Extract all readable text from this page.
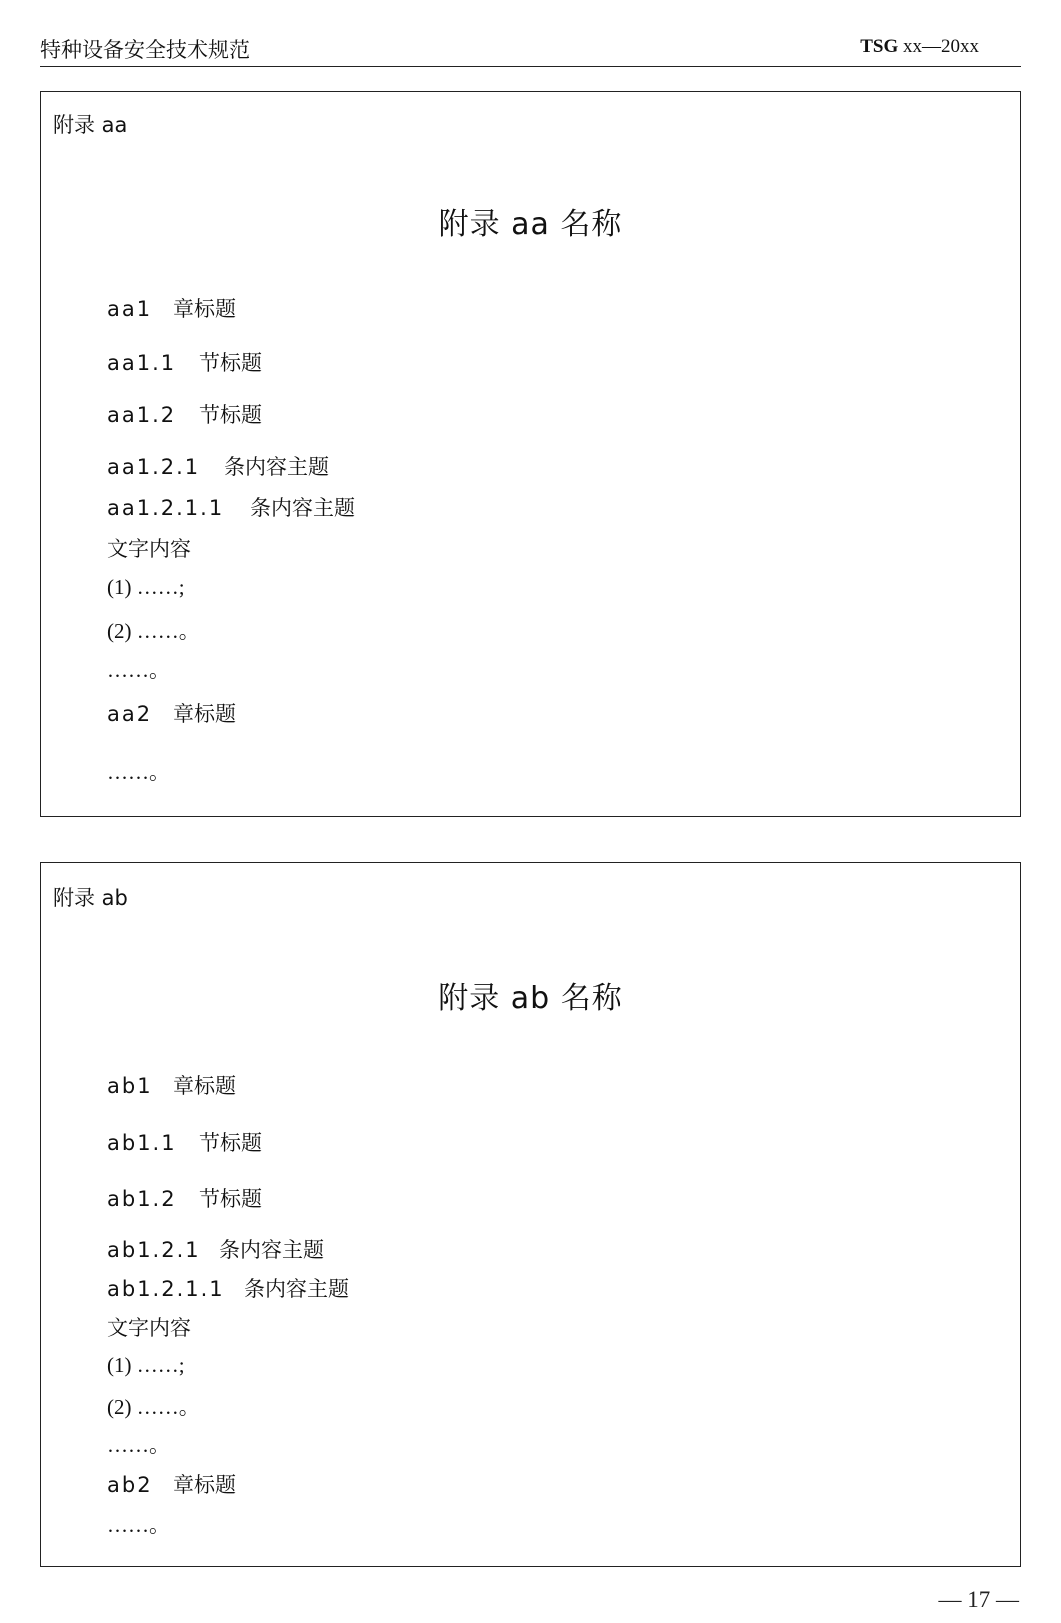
特种设备安全技术规范	TSG xx—20xx
附录 aa
附录 aa 名称
aa1 章标题
aa1.1 节标题
aa1.2 节标题
aa1.2.1 条内容主题
aa1.2.1.1 条内容主题
文字内容
(1) ……;
(2) ……。
……。
aa2 章标题
……。
附录 ab
附录 ab 名称
ab1 章标题
ab1.1 节标题
ab1.2 节标题
ab1.2.1 条内容主题
ab1.2.1.1 条内容主题
文字内容
(1) ……;
(2) ……。
……。
ab2 章标题
……。
— 17 —
